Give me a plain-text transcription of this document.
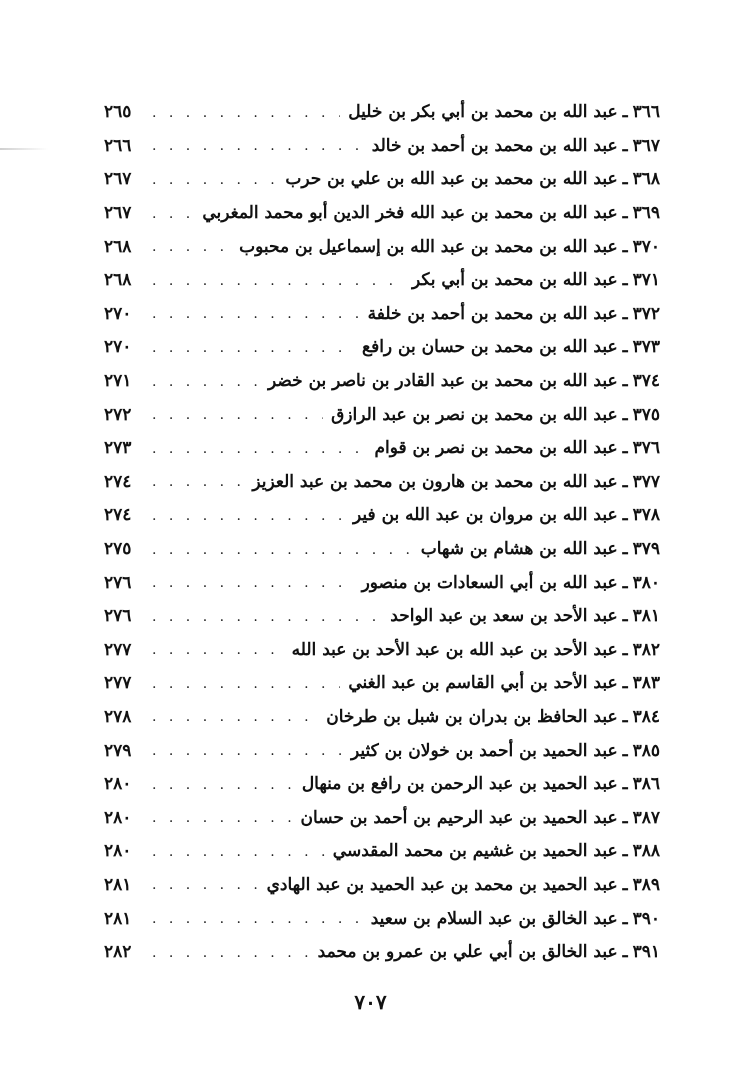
٣٦٦
ـ
عبد الله بن محمد بن أبي بكر بن خليل
. . .
٢٦٥
٣٦٧
ـ
عبد الله بن محمد بن أحمد بن خالد
. . .
٢٦٦
٣٦٨
ـ
عبد الله بن محمد بن عبد الله بن علي بن حرب
. . .
٢٦٧
٣٦٩
ـ
عبد الله بن محمد بن عبد الله فخر الدين أبو محمد المغربي
. . .
٢٦٧
٣٧٠
ـ
عبد الله بن محمد بن عبد الله بن إسماعيل بن محبوب
. . .
٢٦٨
٣٧١
ـ
عبد الله بن محمد بن أبي بكر
. . .
٢٦٨
٣٧٢
ـ
عبد الله بن محمد بن أحمد بن خلفة
. . .
٢٧٠
٣٧٣
ـ
عبد الله بن محمد بن حسان بن رافع
. . .
٢٧٠
٣٧٤
ـ
عبد الله بن محمد بن عبد القادر بن ناصر بن خضر
. . .
٢٧١
٣٧٥
ـ
عبد الله بن محمد بن نصر بن عبد الرازق
. . .
٢٧٢
٣٧٦
ـ
عبد الله بن محمد بن نصر بن قوام
. . .
٢٧٣
٣٧٧
ـ
عبد الله بن محمد بن هارون بن محمد بن عبد العزيز
. . .
٢٧٤
٣٧٨
ـ
عبد الله بن مروان بن عبد الله بن فير
. . .
٢٧٤
٣٧٩
ـ
عبد الله بن هشام بن شهاب
. . .
٢٧٥
٣٨٠
ـ
عبد الله بن أبي السعادات بن منصور
. . .
٢٧٦
٣٨١
ـ
عبد الأحد بن سعد بن عبد الواحد
. . .
٢٧٦
٣٨٢
ـ
عبد الأحد بن عبد الله بن عبد الأحد بن عبد الله
. . .
٢٧٧
٣٨٣
ـ
عبد الأحد بن أبي القاسم بن عبد الغني
. . .
٢٧٧
٣٨٤
ـ
عبد الحافظ بن بدران بن شبل بن طرخان
. . .
٢٧٨
٣٨٥
ـ
عبد الحميد بن أحمد بن خولان بن كثير
. . .
٢٧٩
٣٨٦
ـ
عبد الحميد بن عبد الرحمن بن رافع بن منهال
. . .
٢٨٠
٣٨٧
ـ
عبد الحميد بن عبد الرحيم بن أحمد بن حسان
. . .
٢٨٠
٣٨٨
ـ
عبد الحميد بن غشيم بن محمد المقدسي
. . .
٢٨٠
٣٨٩
ـ
عبد الحميد بن محمد بن عبد الحميد بن عبد الهادي
. . .
٢٨١
٣٩٠
ـ
عبد الخالق بن عبد السلام بن سعيد
. . .
٢٨١
٣٩١
ـ
عبد الخالق بن أبي علي بن عمرو بن محمد
. . .
٢٨٢
٧٠٧
